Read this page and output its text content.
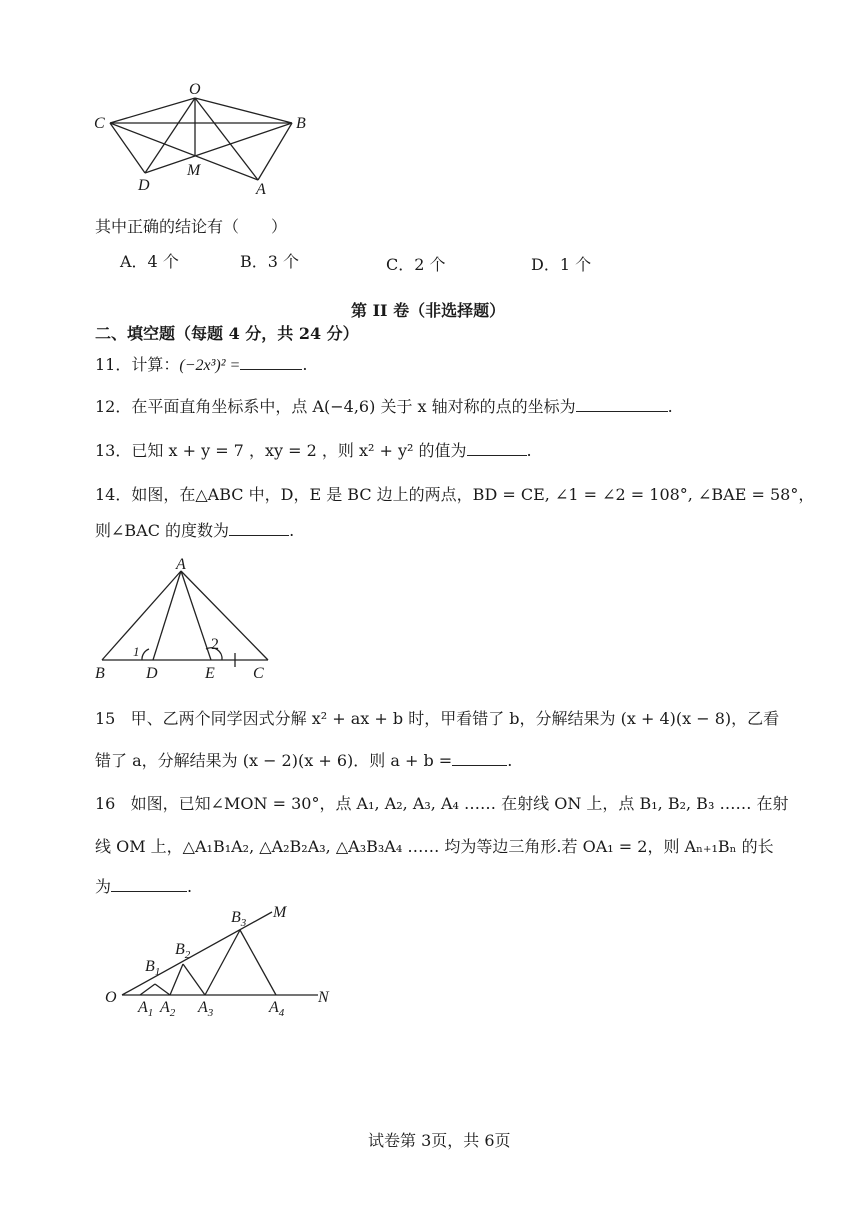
O
C	B
D
M
A
其中正确的结论有（　　）
A．4 个	B．3 个	C．2 个	D．1 个
第 II 卷（非选择题）
二、填空题（每题 4 分，共 24 分）
11．计算：(−2x³)² =	.
12．在平面直角坐标系中，点 A(−4,6) 关于 x 轴对称的点的坐标为	.
13．已知 x + y = 7 ，xy = 2 ，则 x² + y² 的值为	.
14．如图，在△ABC 中，D，E 是 BC 边上的两点，BD = CE, ∠1 = ∠2 = 108°, ∠BAE = 58°，
则∠BAC 的度数为	.
A
B	D	E C
1	2
15 甲、乙两个同学因式分解 x² + ax + b 时，甲看错了 b，分解结果为 (x + 4)(x − 8)，乙看
错了 a，分解结果为 (x − 2)(x + 6)．则 a + b =	.
16 如图，已知∠MON = 30°，点 A₁, A₂, A₃, A₄ …… 在射线 ON 上，点 B₁, B₂, B₃ …… 在射
线 OM 上，△A₁B₁A₂, △A₂B₂A₃, △A₃B₃A₄ …… 均为等边三角形.若 OA₁ = 2，则 Aₙ₊₁Bₙ 的长
为	.
O
M
N
$B_1$
$B_2$
$B_3$
$A_1$ $A_2$ $A_3$	$A_4$
试卷第 3页，共 6页
